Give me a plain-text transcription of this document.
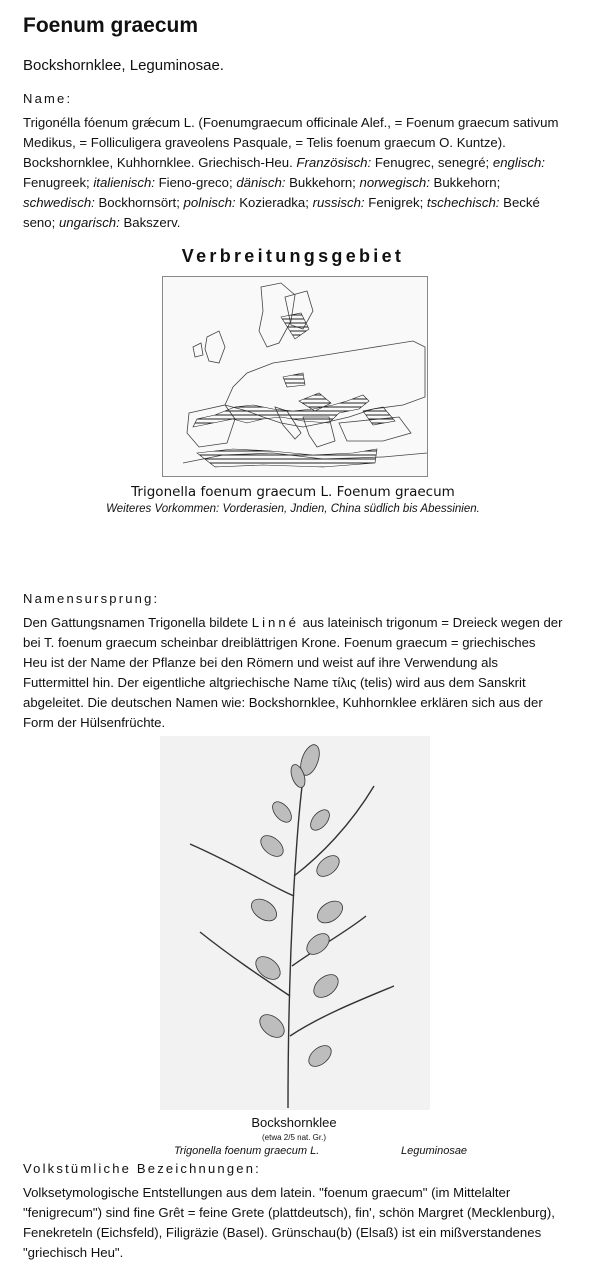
Foenum graecum
Bockshornklee, Leguminosae.
Name:
Trigonélla fóenum grǽcum L. (Foenumgraecum officinale Alef., = Foenum graecum sativum Medikus, = Folliculigera graveolens Pasquale, = Telis foenum graecum O. Kuntze). Bockshornklee, Kuhhornklee. Griechisch-Heu. Französisch: Fenugrec, senegré; englisch: Fenugreek; italienisch: Fieno-greco; dänisch: Bukkehorn; norwegisch: Bukkehorn; schwedisch: Bockhornsört; polnisch: Kozieradka; russisch: Fenigrek; tschechisch: Becké seno; ungarisch: Bakszerv.
Verbreitungsgebiet
Trigonella foenum graecum L. Foenum graecum
Weiteres Vorkommen: Vorderasien, Jndien, China südlich bis Abessinien.
Namensursprung:
Den Gattungsnamen Trigonella bildete Linné aus lateinisch trigonum = Dreieck wegen der bei T. foenum graecum scheinbar dreiblättrigen Krone. Foenum graecum = griechisches Heu ist der Name der Pflanze bei den Römern und weist auf ihre Verwendung als Futtermittel hin. Der eigentliche altgriechische Name τίλις (telis) wird aus dem Sanskrit abgeleitet. Die deutschen Namen wie: Bockshornklee, Kuhhornklee erklären sich aus der Form der Hülsenfrüchte.
Bockshornklee
(etwa 2/5 nat. Gr.)
Trigonella foenum graecum L.	Leguminosae
Volkstümliche Bezeichnungen:
Volksetymologische Entstellungen aus dem latein. "foenum graecum" (im Mittelalter "fenigrecum") sind fine Grêt = feine Grete (plattdeutsch), fin', schön Margret (Mecklenburg), Fenekreteln (Eichsfeld), Filigräzie (Basel). Grünschau(b) (Elsaß) ist ein mißverstandenes "griechisch Heu".
